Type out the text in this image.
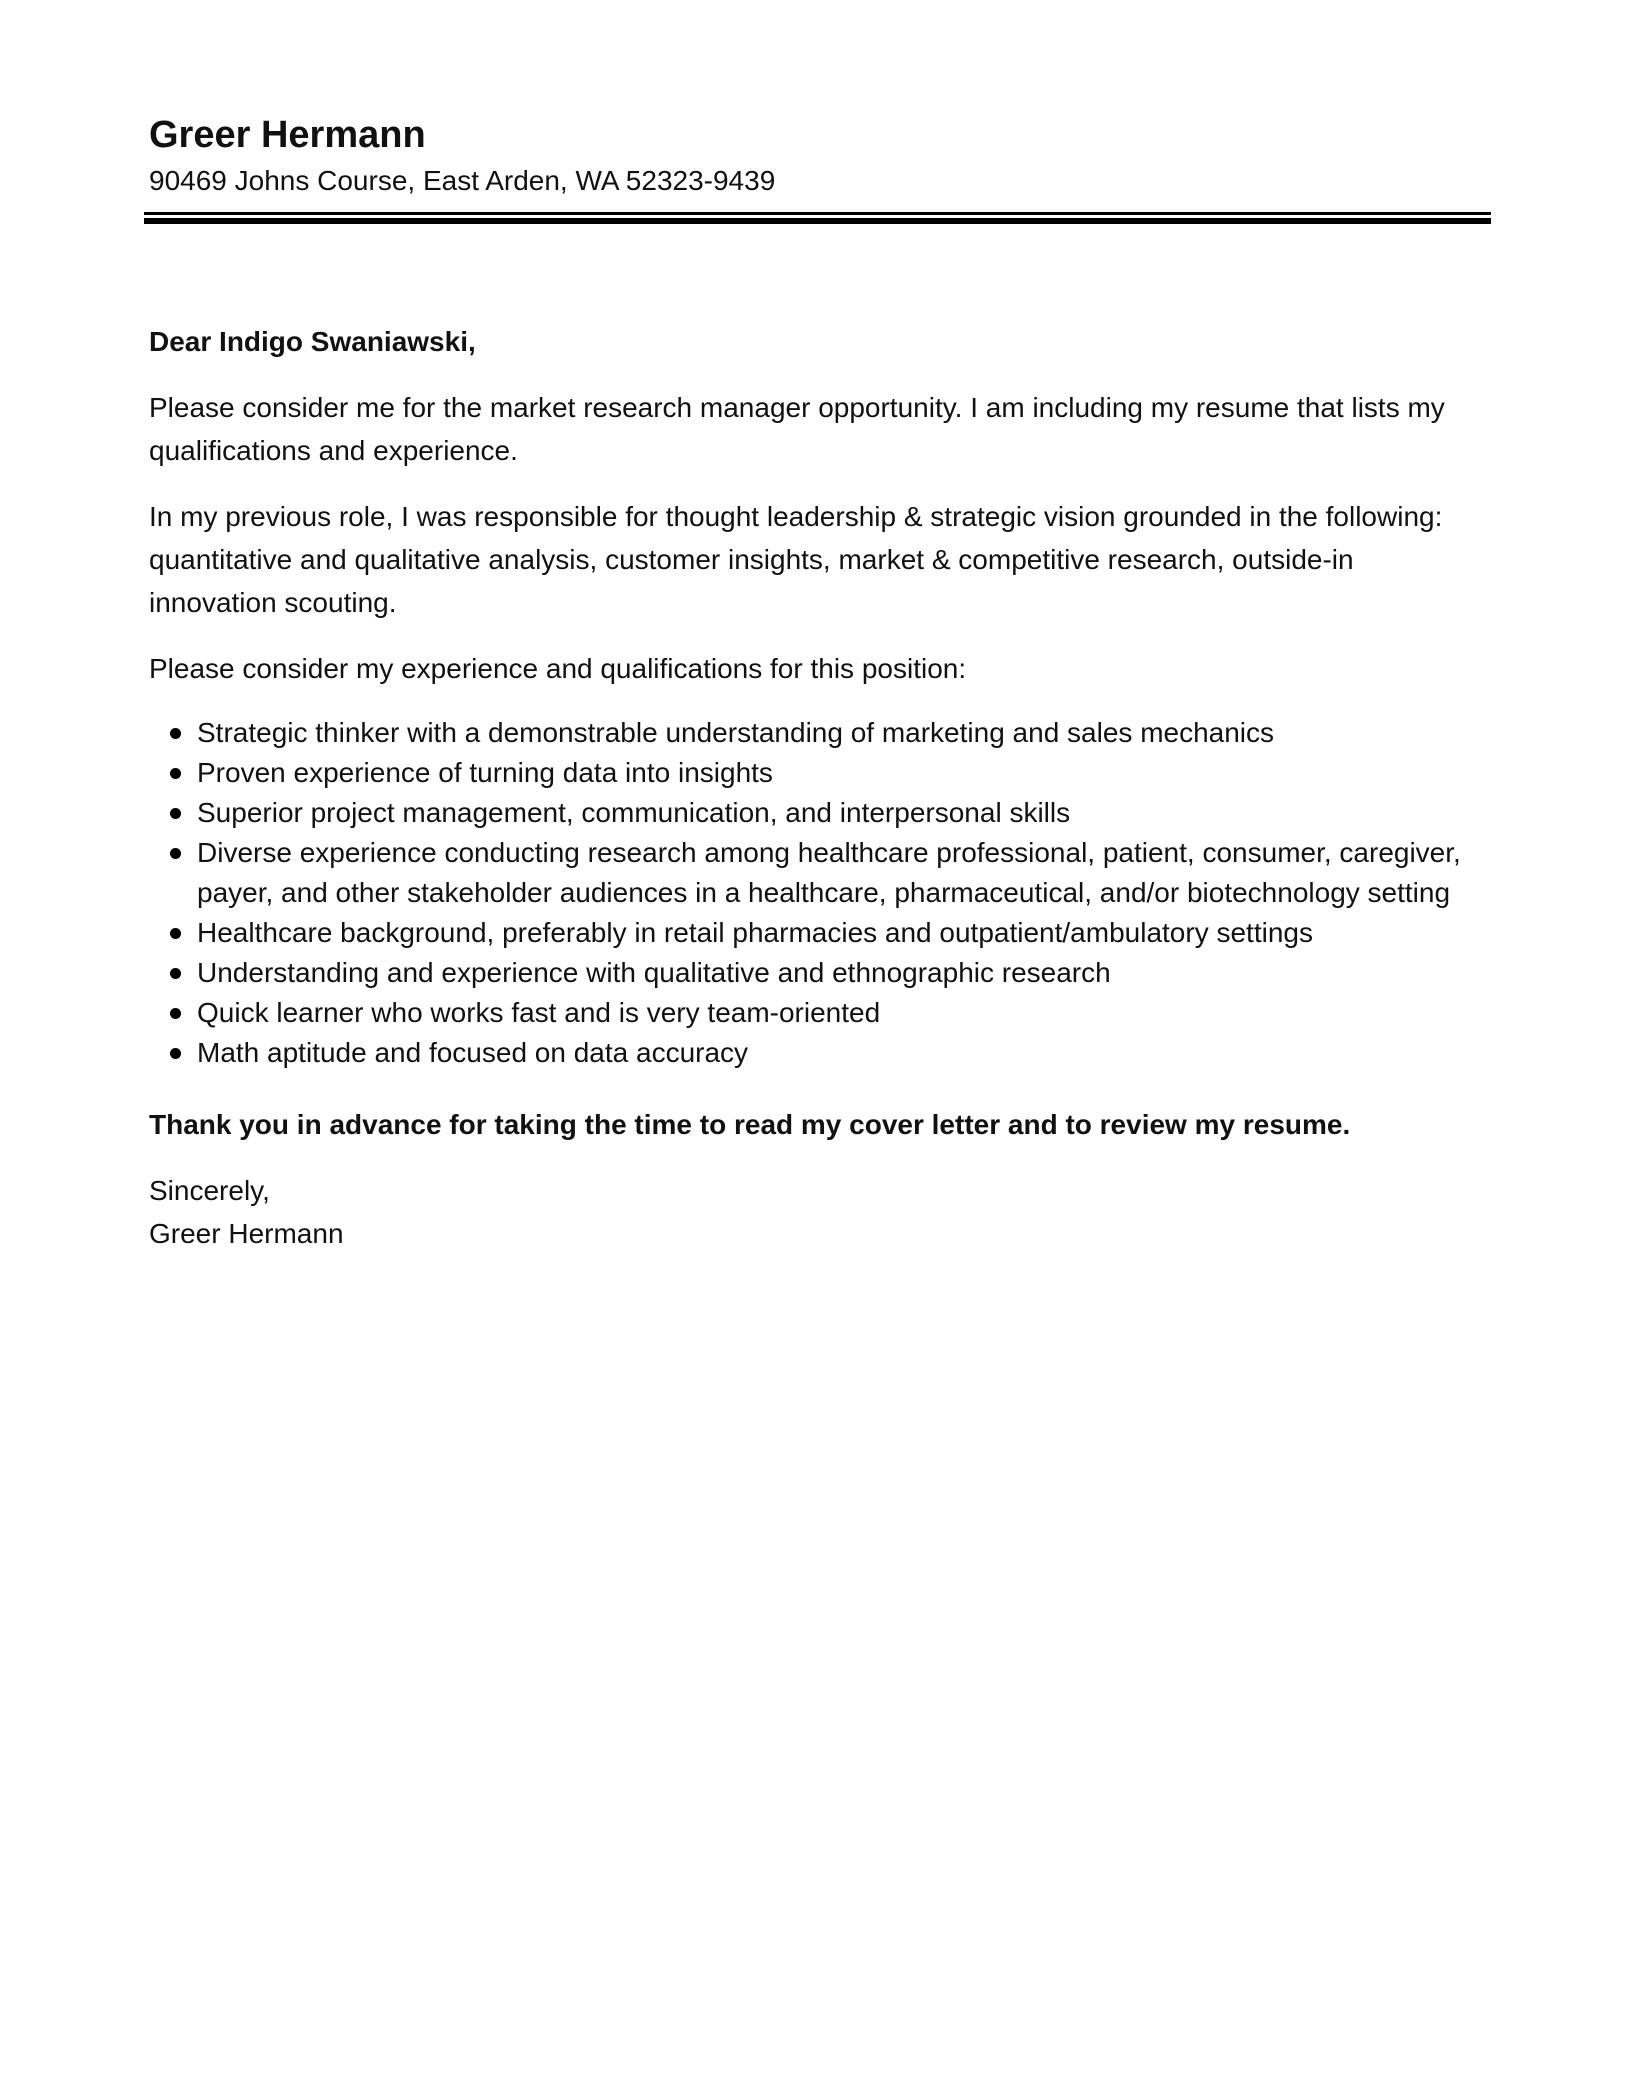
Greer Hermann

90469 Johns Course, East Arden, WA 52323-9439

Dear Indigo Swaniawski,

Please consider me for the market research manager opportunity. I am including my resume that lists my qualifications and experience.

In my previous role, I was responsible for thought leadership & strategic vision grounded in the following: quantitative and qualitative analysis, customer insights, market & competitive research, outside-in innovation scouting.

Please consider my experience and qualifications for this position:

Strategic thinker with a demonstrable understanding of marketing and sales mechanics
Proven experience of turning data into insights
Superior project management, communication, and interpersonal skills
Diverse experience conducting research among healthcare professional, patient, consumer, caregiver, payer, and other stakeholder audiences in a healthcare, pharmaceutical, and/or biotechnology setting
Healthcare background, preferably in retail pharmacies and outpatient/ambulatory settings
Understanding and experience with qualitative and ethnographic research
Quick learner who works fast and is very team-oriented
Math aptitude and focused on data accuracy

Thank you in advance for taking the time to read my cover letter and to review my resume.

Sincerely,

Greer Hermann
